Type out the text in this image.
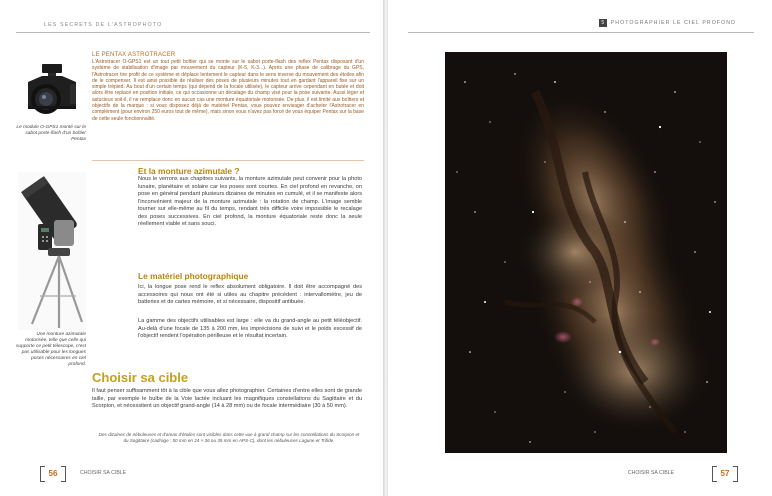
LES SECRETS DE L'ASTROPHOTO
Le module O-GPS1 monté sur le sabot porte-flash d'un boîtier Pentax
LE PENTAX ASTROTRACER
L'Astrotracer O-GPS1 est un tout petit boîtier qui se monte sur le sabot porte-flash des reflex Pentax disposant d'un système de stabilisation d'image par mouvement du capteur (K-5, K-3...). Après une phase de calibrage du GPS, l'Astrotracer tire profit de ce système et déplace lentement le capteur dans le sens inverse du mouvement des étoiles afin de le compenser. Il est ainsi possible de réaliser des poses de plusieurs minutes tout en gardant l'appareil fixe sur un simple trépied. Au bout d'un certain temps (qui dépend de la focale utilisée), le capteur arrive cependant en butée et doit alors être replacé en position initiale, ce qui occasionne un décalage du champ visé pour la pose suivante. Aussi léger et astucieux soit-il, il ne remplace donc en aucun cas une monture équatoriale motorisée. De plus, il est limité aux boîtiers et objectifs de la marque : si vous disposez déjà de matériel Pentax, vous pouvez envisager d'acheter l'Astrotracer en complément (pour environ 250 euros tout de même), mais sinon vous n'avez pas forcé de vous équiper Pentax sur la base de cette seule fonctionnalité.
Et la monture azimutale ?
Nous le verrons aux chapitres suivants, la monture azimutale peut convenir pour la photo lunaire, planétaire et solaire car les poses sont courtes. En ciel profond en revanche, on pose en général pendant plusieurs dizaines de minutes en cumulé, et il se manifeste alors l'inconvénient majeur de la monture azimutale : la rotation de champ. L'image semble tourner sur elle-même au fil du temps, rendant très difficile voire impossible le recalage des poses successives. En ciel profond, la monture équatoriale reste donc la seule réellement viable et sans souci.
Une monture azimutale motorisée, telle que celle qui supporte ce petit télescope, n'est pas utilisable pour les longues poses nécessaires en ciel profond.
Le matériel photographique
Ici, la longue pose rend le reflex absolument obligatoire. Il doit être accompagné des accessoires qui nous ont été si utiles au chapitre précédent : intervallomètre, jeu de batteries et de cartes mémoire, et si nécessaire, dispositif antibuée.
La gamme des objectifs utilisables est large : elle va du grand-angle au petit téléobjectif. Au-delà d'une focale de 135 à 200 mm, les imprécisions de suivi et le poids excessif de l'objectif rendent l'opération périlleuse et le résultat incertain.
Choisir sa cible
Il faut penser suffisamment tôt à la cible que vous allez photographier. Certaines d'entre elles sont de grande taille, par exemple le bulbe de la Voie lactée incluant les magnifiques constellations du Sagittaire et du Scorpion, et nécessitent un objectif grand-angle (14 à 28 mm) ou de focale intermédiaire (30 à 50 mm).
Des dizaines de nébuleuses et d'amas d'étoiles sont visibles dans cette vue à grand champ sur les constellations du Scorpion et du Sagittaire (cadrage : 50 mm en 24 × 36 ou 35 mm en APS-C), dont les nébuleuses Lagune et Trifide.
56	CHOISIR SA CIBLE
5	PHOTOGRAPHIER LE CIEL PROFOND
CHOISIR SA CIBLE	57
